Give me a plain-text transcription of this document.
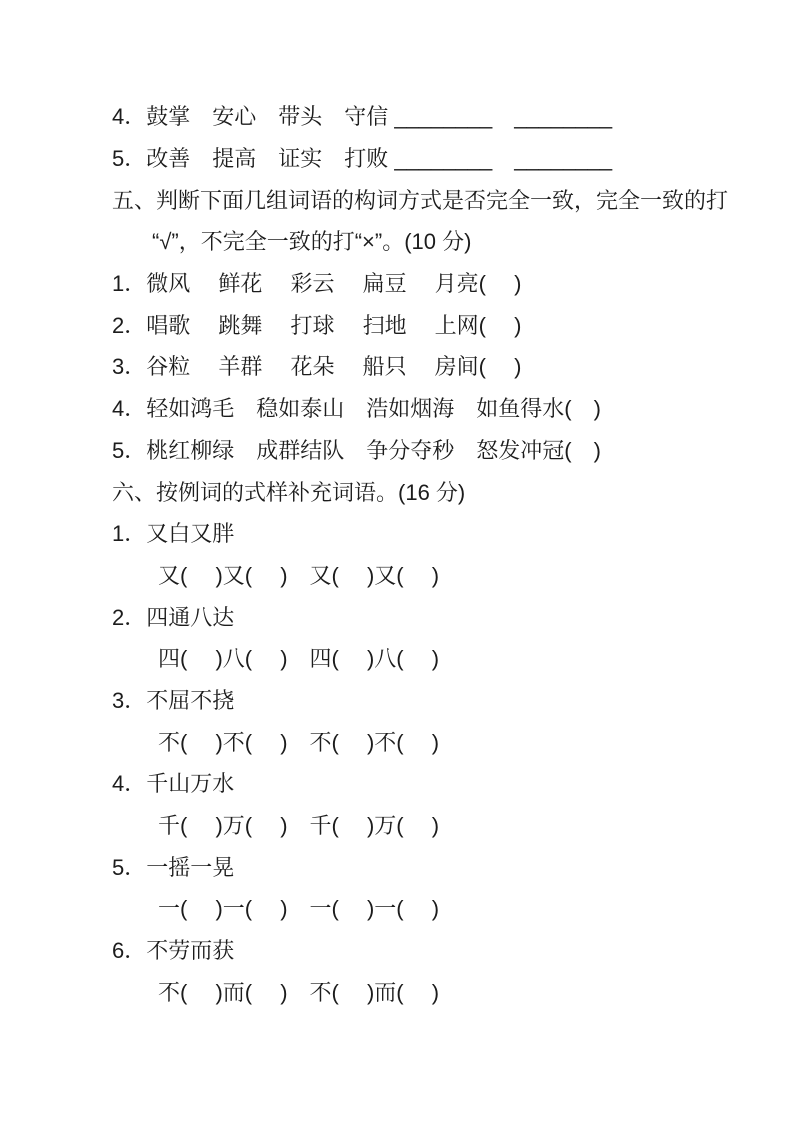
4．鼓掌　安心　带头　守信 ________　________
5．改善　提高　证实　打败 ________　________
五、判断下面几组词语的构词方式是否完全一致，完全一致的打
“√”，不完全一致的打“×”。(10 分)
1．微风　 鲜花　 彩云　 扁豆　 月亮(　 )
2．唱歌　 跳舞　 打球　 扫地　 上网(　 )
3．谷粒　 羊群　 花朵　 船只　 房间(　 )
4．轻如鸿毛　稳如泰山　浩如烟海　如鱼得水(　)
5．桃红柳绿　成群结队　争分夺秒　怒发冲冠(　)
六、按例词的式样补充词语。(16 分)
1．又白又胖
又(　 )又(　 )　又(　 )又(　 )
2．四通八达
四(　 )八(　 )　四(　 )八(　 )
3．不屈不挠
不(　 )不(　 )　不(　 )不(　 )
4．千山万水
千(　 )万(　 )　千(　 )万(　 )
5．一摇一晃
一(　 )一(　 )　一(　 )一(　 )
6．不劳而获
不(　 )而(　 )　不(　 )而(　 )
